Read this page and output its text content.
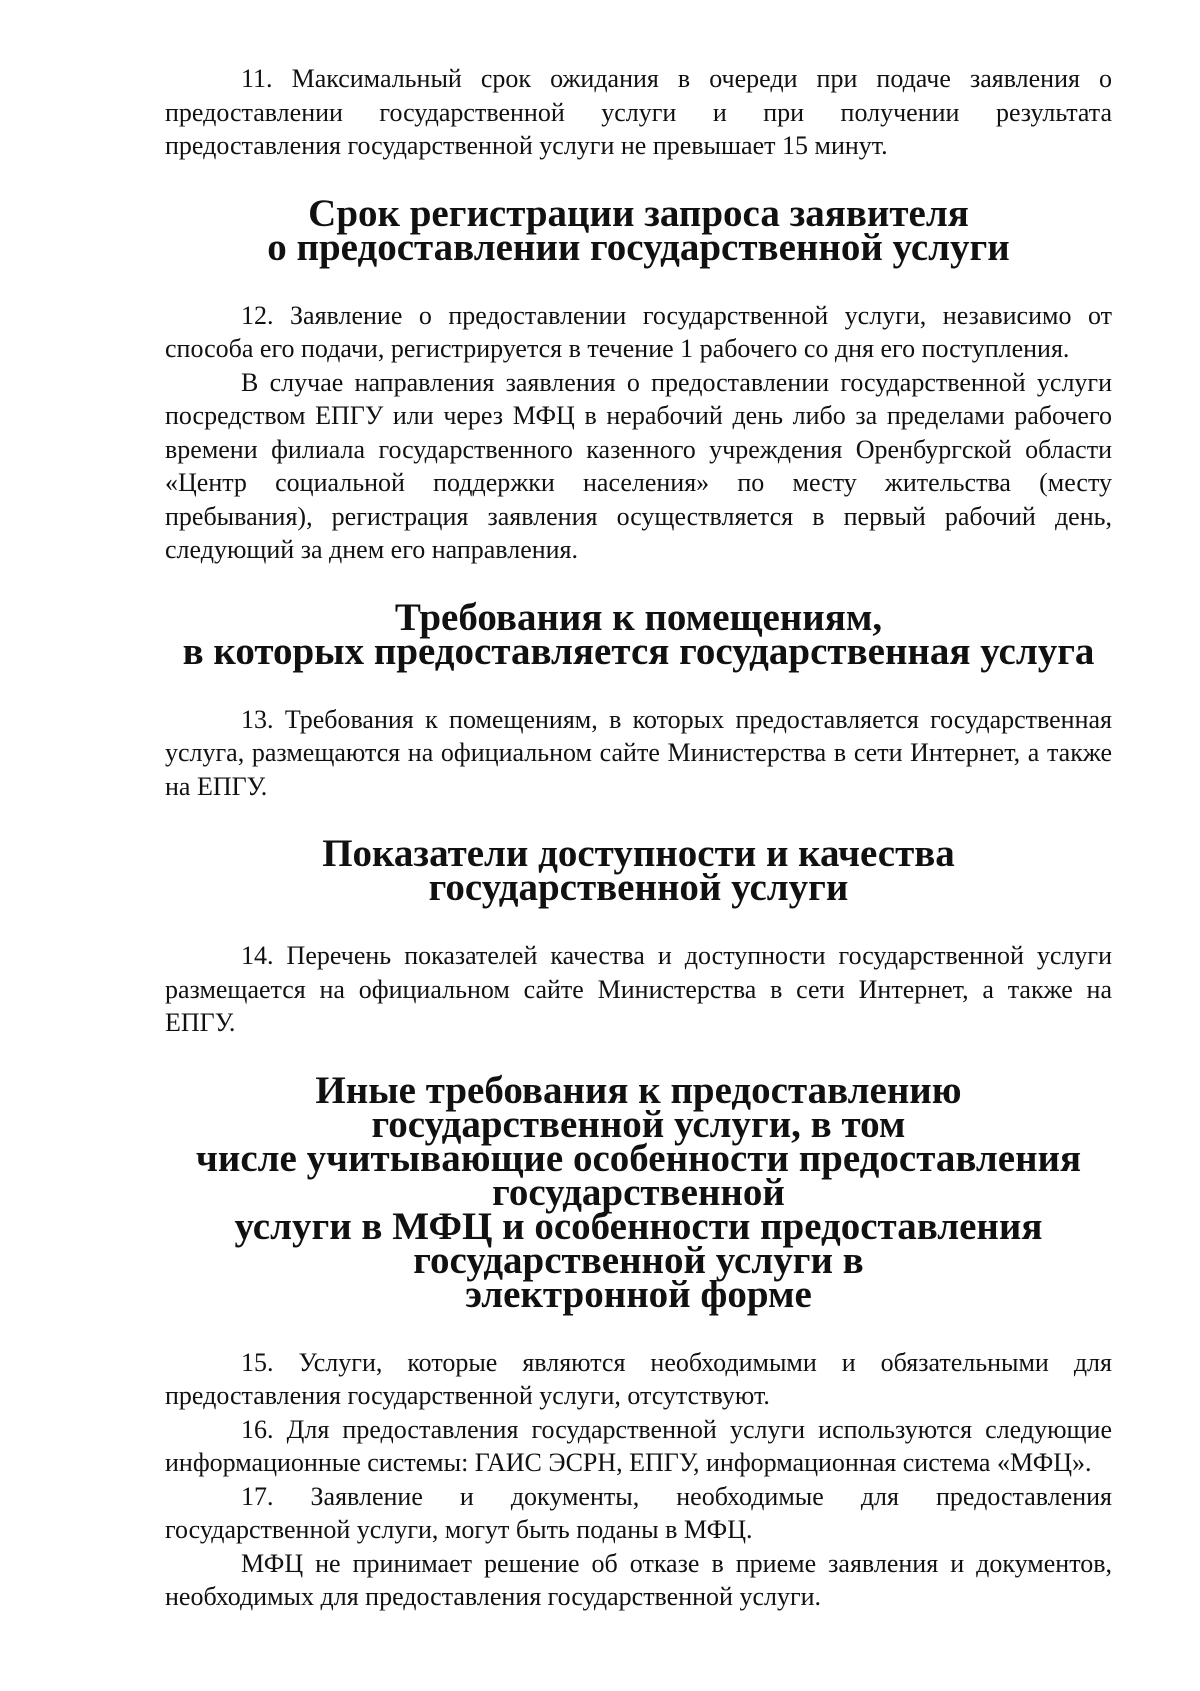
11. Максимальный срок ожидания в очереди при подаче заявления о предоставлении государственной услуги и при получении результата предоставления государственной услуги не превышает 15 минут.

Срок регистрации запроса заявителя
о предоставлении государственной услуги

12. Заявление о предоставлении государственной услуги, независимо от способа его подачи, регистрируется в течение 1 рабочего со дня его поступления.

В случае направления заявления о предоставлении государственной услуги посредством ЕПГУ или через МФЦ в нерабочий день либо за пределами рабочего времени филиала государственного казенного учреждения Оренбургской области «Центр социальной поддержки населения» по месту жительства (месту пребывания), регистрация заявления осуществляется в первый рабочий день, следующий за днем его направления.

Требования к помещениям,
в которых предоставляется государственная услуга

13. Требования к помещениям, в которых предоставляется государственная услуга, размещаются на официальном сайте Министерства в сети Интернет, а также на ЕПГУ.

Показатели доступности и качества
государственной услуги

14. Перечень показателей качества и доступности государственной услуги размещается на официальном сайте Министерства в сети Интернет, а также на ЕПГУ.

Иные требования к предоставлению государственной услуги, в том
числе учитывающие особенности предоставления государственной
услуги в МФЦ и особенности предоставления государственной услуги в
электронной форме

15. Услуги, которые являются необходимыми и обязательными для предоставления государственной услуги, отсутствуют.

16. Для предоставления государственной услуги используются следующие информационные системы: ГАИС ЭСРН, ЕПГУ, информационная система «МФЦ».

17. Заявление и документы, необходимые для предоставления государственной услуги, могут быть поданы в МФЦ.

МФЦ не принимает решение об отказе в приеме заявления и документов, необходимых для предоставления государственной услуги.
